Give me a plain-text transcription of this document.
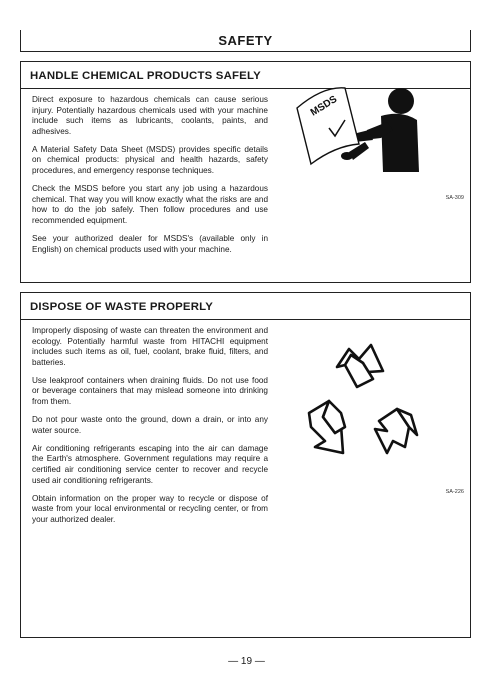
SAFETY
HANDLE CHEMICAL PRODUCTS SAFELY

Direct exposure to hazardous chemicals can cause serious injury. Potentially hazardous chemicals used with your machine include such items as lubricants, coolants, paints, and adhesives.

A Material Safety Data Sheet (MSDS) provides specific details on chemical products: physical and health hazards, safety procedures, and emergency response techniques.

Check the MSDS before you start any job using a hazardous chemical. That way you will know exactly what the risks are and how to do the job safely. Then follow procedures and use recommended equipment.

See your authorized dealer for MSDS's (available only in English) on chemical products used with your machine.

MSDS
SA-309
DISPOSE OF WASTE PROPERLY

Improperly disposing of waste can threaten the environment and ecology. Potentially harmful waste from HITACHI equipment includes such items as oil, fuel, coolant, brake fluid, filters, and batteries.

Use leakproof containers when draining fluids. Do not use food or beverage containers that may mislead someone into drinking from them.

Do not pour waste onto the ground, down a drain, or into any water source.

Air conditioning refrigerants escaping into the air can damage the Earth's atmosphere. Government regulations may require a certified air conditioning service center to recover and recycle used air conditioning refrigerants.

Obtain information on the proper way to recycle or dispose of waste from your local environmental or recycling center, or from your authorized dealer.

SA-226
— 19 —
